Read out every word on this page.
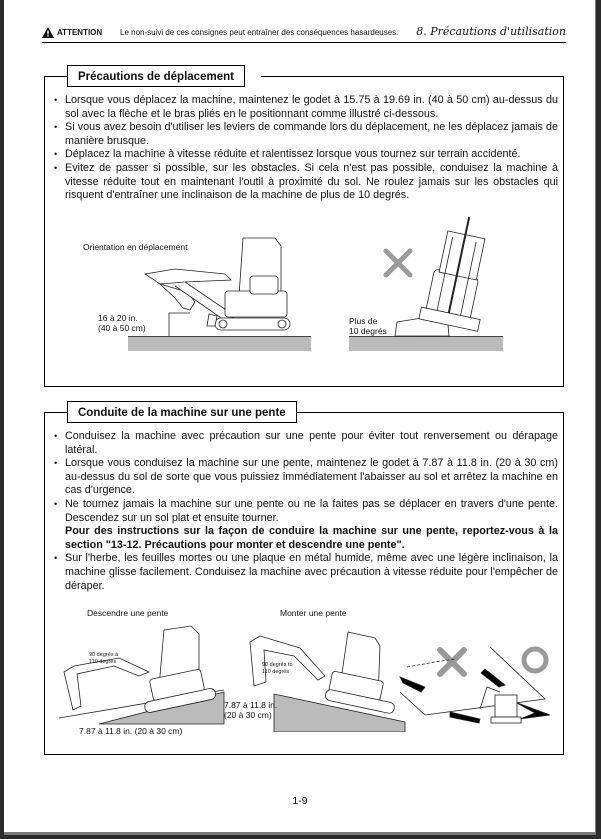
ATTENTION Le non-suivi de ces consignes peut entraîner des conséquences hasardeuses. 8. Précautions d'utilisation
Précautions de déplacement
• Lorsque vous déplacez la machine, maintenez le godet à 15.75 à 19.69 in. (40 à 50 cm) au-dessus du sol avec la flèche et le bras pliés en le positionnant comme illustré ci-dessous.
• Si vous avez besoin d'utiliser les leviers de commande lors du déplacement, ne les déplacez jamais de manière brusque.
• Déplacez la machine à vitesse réduite et ralentissez lorsque vous tournez sur terrain accidenté.
• Evitez de passer si possible, sur les obstacles. Si cela n'est pas possible, conduisez la machine à vitesse réduite tout en maintenant l'outil à proximité du sol. Ne roulez jamais sur les obstacles qui risquent d'entraîner une inclinaison de la machine de plus de 10 degrés.
Orientation en déplacement
16 à 20 in.
(40 à 50 cm)
Plus de
10 degrés
Conduite de la machine sur une pente
• Conduisez la machine avec précaution sur une pente pour éviter tout renversement ou dérapage latéral.
• Lorsque vous conduisez la machine sur une pente, maintenez le godet à 7.87 à 11.8 in. (20 à 30 cm) au-dessus du sol de sorte que vous puissiez immédiatement l'abaisser au sol et arrêtez la machine en cas d'urgence.
• Ne tournez jamais la machine sur une pente ou ne la faites pas se déplacer en travers d'une pente. Descendez sur un sol plat et ensuite tourner.
Pour des instructions sur la façon de conduire la machine sur une pente, reportez-vous à la section "13-12. Précautions pour monter et descendre une pente".
• Sur l'herbe, les feuilles mortes ou une plaque en métal humide, même avec une légère inclinaison, la machine glisse facilement. Conduisez la machine avec précaution à vitesse réduite pour l'empêcher de déraper.
Descendre une pente
90 degrés à
110 degrés
7.87 à 11.8 in. (20 à 30 cm)
Monter une pente
90 degrés to
110 degrés
7.87 à 11.8 in.
(20 à 30 cm)
1-9
